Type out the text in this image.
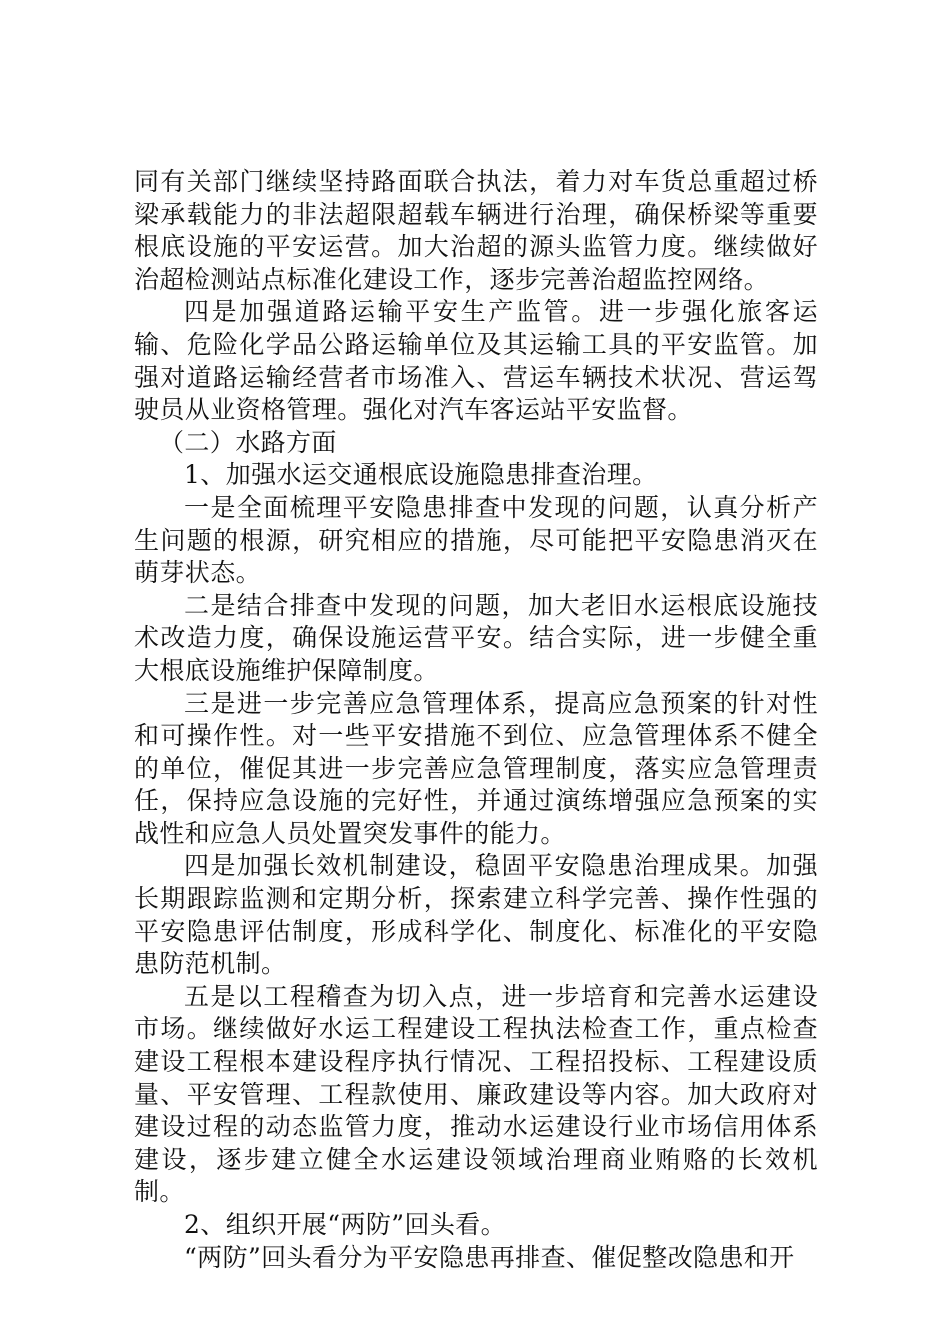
同有关部门继续坚持路面联合执法，着力对车货总重超过桥梁承载能力的非法超限超载车辆进行治理，确保桥梁等重要根底设施的平安运营。加大治超的源头监管力度。继续做好治超检测站点标准化建设工作，逐步完善治超监控网络。

四是加强道路运输平安生产监管。进一步强化旅客运输、危险化学品公路运输单位及其运输工具的平安监管。加强对道路运输经营者市场准入、营运车辆技术状况、营运驾驶员从业资格管理。强化对汽车客运站平安监督。

（二）水路方面

1、加强水运交通根底设施隐患排查治理。

一是全面梳理平安隐患排查中发现的问题，认真分析产生问题的根源，研究相应的措施，尽可能把平安隐患消灭在萌芽状态。

二是结合排查中发现的问题，加大老旧水运根底设施技术改造力度，确保设施运营平安。结合实际，进一步健全重大根底设施维护保障制度。

三是进一步完善应急管理体系，提高应急预案的针对性和可操作性。对一些平安措施不到位、应急管理体系不健全的单位，催促其进一步完善应急管理制度，落实应急管理责任，保持应急设施的完好性，并通过演练增强应急预案的实战性和应急人员处置突发事件的能力。

四是加强长效机制建设，稳固平安隐患治理成果。加强长期跟踪监测和定期分析，探索建立科学完善、操作性强的平安隐患评估制度，形成科学化、制度化、标准化的平安隐患防范机制。

五是以工程稽查为切入点，进一步培育和完善水运建设市场。继续做好水运工程建设工程执法检查工作，重点检查建设工程根本建设程序执行情况、工程招投标、工程建设质量、平安管理、工程款使用、廉政建设等内容。加大政府对建设过程的动态监管力度，推动水运建设行业市场信用体系建设，逐步建立健全水运建设领域治理商业贿赂的长效机制。

2、组织开展“两防”回头看。

“两防”回头看分为平安隐患再排查、催促整改隐患和开
